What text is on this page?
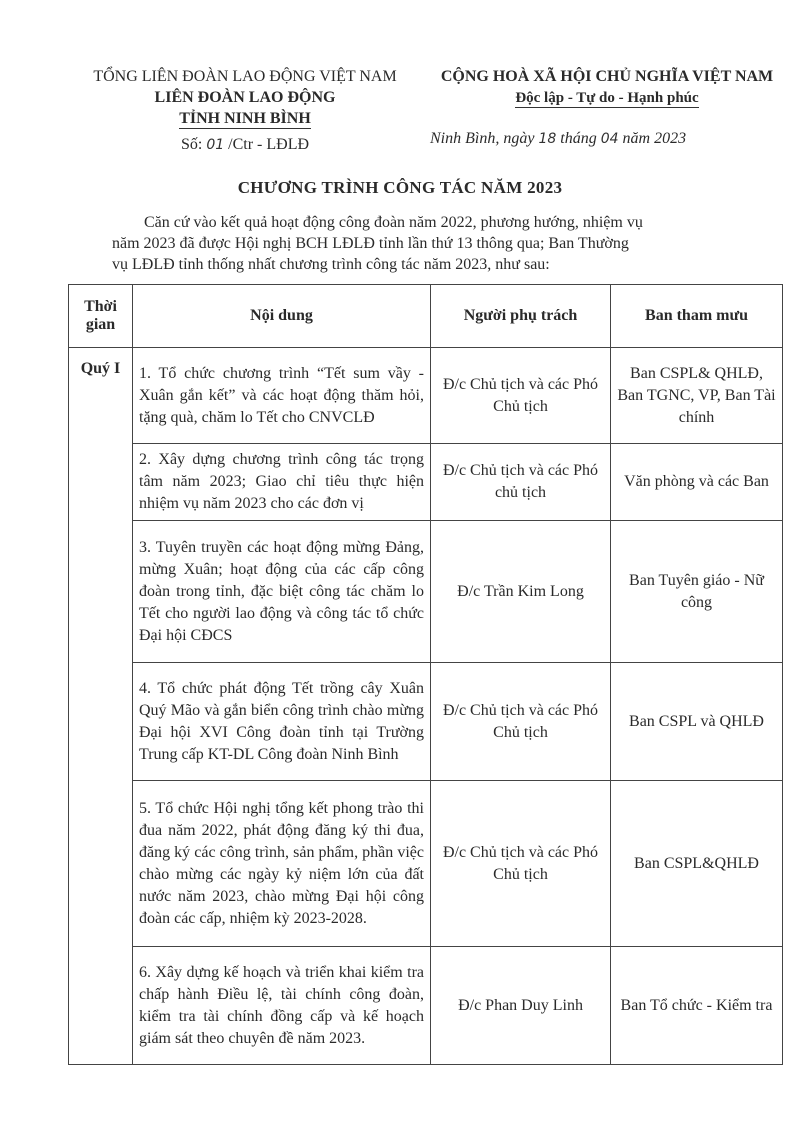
TỔNG LIÊN ĐOÀN LAO ĐỘNG VIỆT NAM
LIÊN ĐOÀN LAO ĐỘNG
TỈNH NINH BÌNH
Số: 01 /Ctr - LĐLĐ
CỘNG HOÀ XÃ HỘI CHỦ NGHĨA VIỆT NAM
Độc lập - Tự do - Hạnh phúc
Ninh Bình, ngày 18 tháng 04 năm 2023
CHƯƠNG TRÌNH CÔNG TÁC NĂM 2023
Căn cứ vào kết quả hoạt động công đoàn năm 2022, phương hướng, nhiệm vụ
năm 2023 đã được Hội nghị BCH LĐLĐ tỉnh lần thứ 13 thông qua; Ban Thường
vụ LĐLĐ tỉnh thống nhất chương trình công tác năm 2023, như sau:
Thời
gian	Nội dung	Người phụ trách	Ban tham mưu
Quý I	1. Tổ chức chương trình “Tết sum vầy - Xuân gắn kết” và các hoạt động thăm hỏi, tặng quà, chăm lo Tết cho CNVCLĐ	Đ/c Chủ tịch và các Phó Chủ tịch	Ban CSPL& QHLĐ, Ban TGNC, VP, Ban Tài chính
	2. Xây dựng chương trình công tác trọng tâm năm 2023; Giao chỉ tiêu thực hiện nhiệm vụ năm 2023 cho các đơn vị	Đ/c Chủ tịch và các Phó chủ tịch	Văn phòng và các Ban
	3. Tuyên truyền các hoạt động mừng Đảng, mừng Xuân; hoạt động của các cấp công đoàn trong tỉnh, đặc biệt công tác chăm lo Tết cho người lao động và công tác tổ chức Đại hội CĐCS	Đ/c Trần Kim Long	Ban Tuyên giáo - Nữ công
	4. Tổ chức phát động Tết trồng cây Xuân Quý Mão và gắn biển công trình chào mừng Đại hội XVI Công đoàn tỉnh tại Trường Trung cấp KT-DL Công đoàn Ninh Bình	Đ/c Chủ tịch và các Phó Chủ tịch	Ban CSPL và QHLĐ
	5. Tổ chức Hội nghị tổng kết phong trào thi đua năm 2022, phát động đăng ký thi đua, đăng ký các công trình, sản phẩm, phần việc chào mừng các ngày kỷ niệm lớn của đất nước năm 2023, chào mừng Đại hội công đoàn các cấp, nhiệm kỳ 2023-2028.	Đ/c Chủ tịch và các Phó Chủ tịch	Ban CSPL&QHLĐ
	6. Xây dựng kế hoạch và triển khai kiểm tra chấp hành Điều lệ, tài chính công đoàn, kiểm tra tài chính đồng cấp và kế hoạch giám sát theo chuyên đề năm 2023.	Đ/c Phan Duy Linh	Ban Tổ chức - Kiểm tra
